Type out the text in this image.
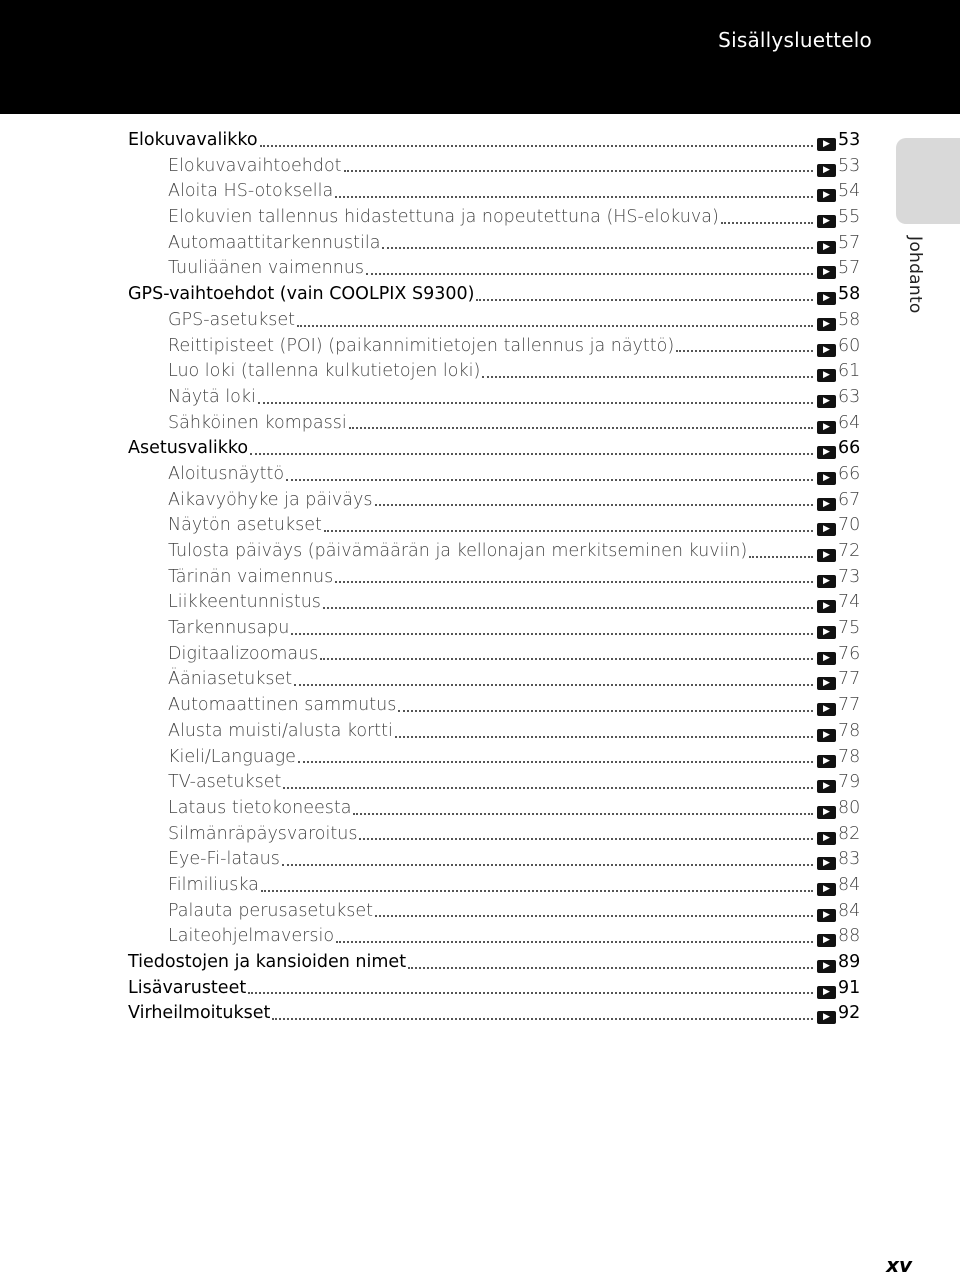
Sisällysluettelo
Johdanto
Elokuvavalikko	▶ 53
Elokuvavaihtoehdot	▶ 53
Aloita HS-otoksella	▶ 54
Elokuvien tallennus hidastettuna ja nopeutettuna (HS-elokuva)	▶ 55
Automaattitarkennustila	▶ 57
Tuuliäänen vaimennus	▶ 57
GPS-vaihtoehdot (vain COOLPIX S9300)	▶ 58
GPS-asetukset	▶ 58
Reittipisteet (POI) (paikannimitietojen tallennus ja näyttö)	▶ 60
Luo loki (tallenna kulkutietojen loki)	▶ 61
Näytä loki	▶ 63
Sähköinen kompassi	▶ 64
Asetusvalikko	▶ 66
Aloitusnäyttö	▶ 66
Aikavyöhyke ja päiväys	▶ 67
Näytön asetukset	▶ 70
Tulosta päiväys (päivämäärän ja kellonajan merkitseminen kuviin)	▶ 72
Tärinän vaimennus	▶ 73
Liikkeentunnistus	▶ 74
Tarkennusapu	▶ 75
Digitaalizoomaus	▶ 76
Ääniasetukset	▶ 77
Automaattinen sammutus	▶ 77
Alusta muisti/alusta kortti	▶ 78
Kieli/Language	▶ 78
TV-asetukset	▶ 79
Lataus tietokoneesta	▶ 80
Silmänräpäysvaroitus	▶ 82
Eye-Fi-lataus	▶ 83
Filmiliuska	▶ 84
Palauta perusasetukset	▶ 84
Laiteohjelmaversio	▶ 88
Tiedostojen ja kansioiden nimet	▶ 89
Lisävarusteet	▶ 91
Virheilmoitukset	▶ 92
xv
